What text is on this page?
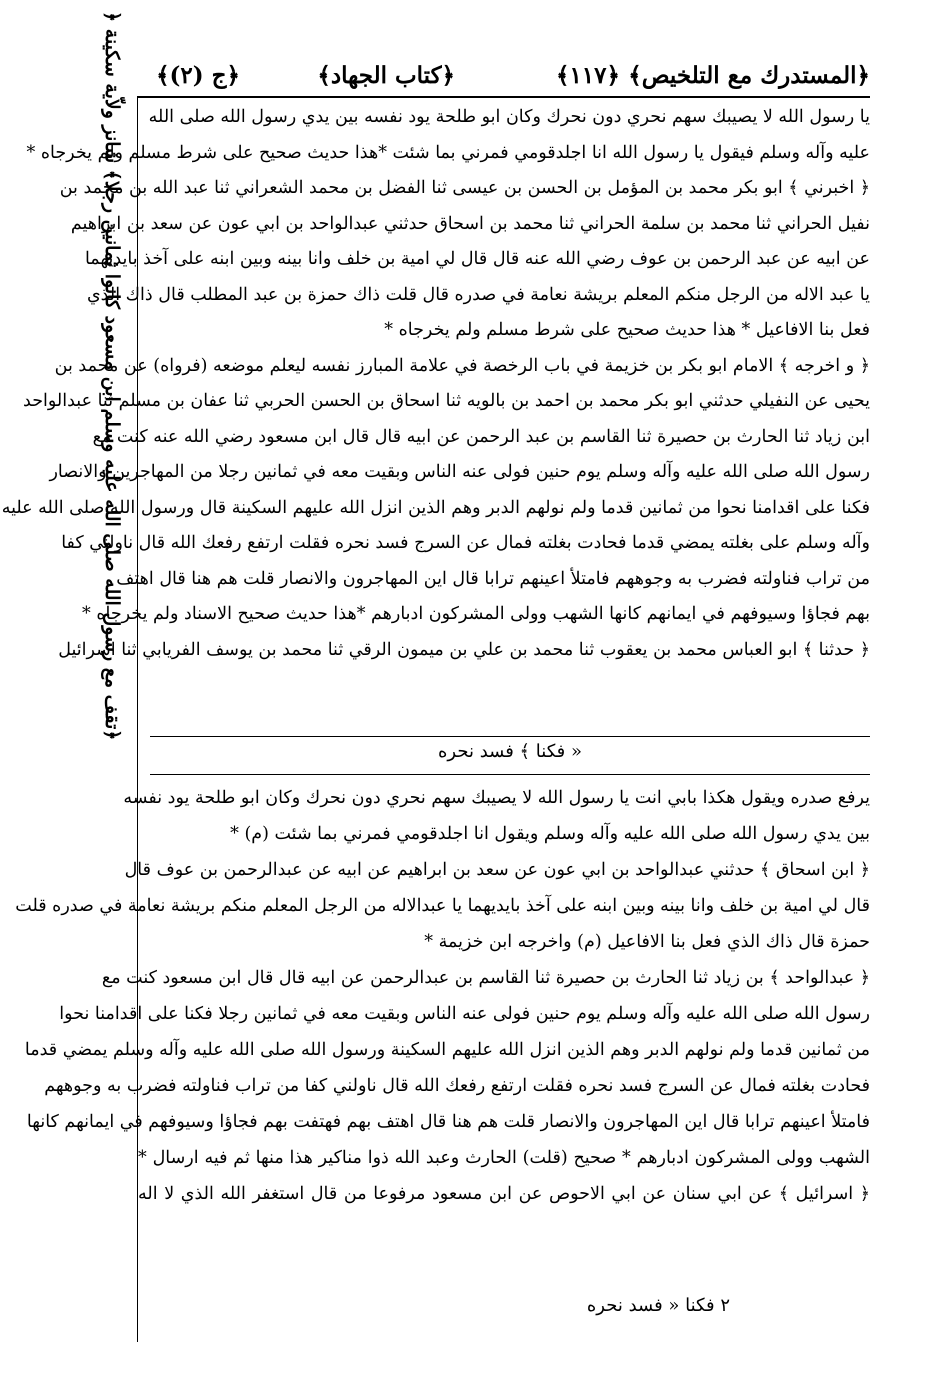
﴿المستدرك مع التلخيص﴾
﴿١١٧﴾
﴿كتاب الجهاد﴾
﴿ج (٢)﴾
﴿تقف مع رسول الله صلى الله عليه وسلم ابن مسعود كانوا ثمانين رجلا﴾ شانز ولاّية سكينة ﴿	يا رسول الله لا يصيبك سهم نحري دون نحرك وكان ابو طلحة يود نفسه بين يدي رسول الله صلى الله
عليه وآله وسلم فيقول يا رسول الله انا اجلدقومي فمرني بما شئت *هذا حديث صحيح على شرط مسلم ولم يخرجاه *
﴿ اخبرني ﴾ ابو بكر محمد بن المؤمل بن الحسن بن عيسى ثنا الفضل بن محمد الشعراني ثنا عبد الله بن محمد بن
نفيل الحراني ثنا محمد بن سلمة الحراني ثنا محمد بن اسحاق حدثني عبدالواحد بن ابي عون عن سعد بن ابراهيم
عن ابيه عن عبد الرحمن بن عوف رضي الله عنه قال قال لي امية بن خلف وانا بينه وبين ابنه على آخذ بايديهما
يا عبد الاله من الرجل منكم المعلم بريشة نعامة في صدره قال قلت ذاك حمزة بن عبد المطلب قال ذاك الذي
فعل بنا الافاعيل * هذا حديث صحيح على شرط مسلم ولم يخرجاه *
﴿ و اخرجه ﴾ الامام ابو بكر بن خزيمة في باب الرخصة في علامة المبارز نفسه ليعلم موضعه (فرواه) عن محمد بن
يحيى عن النفيلي حدثني ابو بكر محمد بن احمد بن بالويه ثنا اسحاق بن الحسن الحربي ثنا عفان بن مسلم ثنا عبدالواحد
ابن زياد ثنا الحارث بن حصيرة ثنا القاسم بن عبد الرحمن عن ابيه قال قال ابن مسعود رضي الله عنه كنت مع
رسول الله صلى الله عليه وآله وسلم يوم حنين فولى عنه الناس وبقيت معه في ثمانين رجلا من المهاجرين والانصار
فكنا على اقدامنا نحوا من ثمانين قدما ولم نولهم الدبر وهم الذين انزل الله عليهم السكينة قال ورسول الله صلى الله عليه
وآله وسلم على بغلته يمضي قدما فحادت بغلته فمال عن السرج فسد نحره فقلت ارتفع رفعك الله قال ناولني كفا
من تراب فناولته فضرب به وجوههم فامتلأ اعينهم ترابا قال اين المهاجرون والانصار قلت هم هنا قال اهتف
بهم فجاؤا وسيوفهم في ايمانهم كانها الشهب وولى المشركون ادبارهم *هذا حديث صحيح الاسناد ولم يخرجاه *
﴿ حدثنا ﴾ ابو العباس محمد بن يعقوب ثنا محمد بن علي بن ميمون الرقي ثنا محمد بن يوسف الفريابي ثنا اسرائيل
« فكنا ﴾ فسد نحره
يرفع صدره ويقول هكذا بابي انت يا رسول الله لا يصيبك سهم نحري دون نحرك وكان ابو طلحة يود نفسه
بين يدي رسول الله صلى الله عليه وآله وسلم ويقول انا اجلدقومي فمرني بما شئت (م) *
﴿ ابن اسحاق ﴾ حدثني عبدالواحد بن ابي عون عن سعد بن ابراهيم عن ابيه عن عبدالرحمن بن عوف قال
قال لي امية بن خلف وانا بينه وبين ابنه على آخذ بايديهما يا عبدالاله من الرجل المعلم منكم بريشة نعامة في صدره قلت
حمزة قال ذاك الذي فعل بنا الافاعيل (م) واخرجه ابن خزيمة *
﴿ عبدالواحد ﴾ بن زياد ثنا الحارث بن حصيرة ثنا القاسم بن عبدالرحمن عن ابيه قال قال ابن مسعود كنت مع
رسول الله صلى الله عليه وآله وسلم يوم حنين فولى عنه الناس وبقيت معه في ثمانين رجلا فكنا على اقدامنا نحوا
من ثمانين قدما ولم نولهم الدبر وهم الذين انزل الله عليهم السكينة ورسول الله صلى الله عليه وآله وسلم يمضي قدما
فحادت بغلته فمال عن السرج فسد نحره فقلت ارتفع رفعك الله قال ناولني كفا من تراب فناولته فضرب به وجوههم
فامتلأ اعينهم ترابا قال اين المهاجرون والانصار قلت هم هنا قال اهتف بهم فهتفت بهم فجاؤا وسيوفهم في ايمانهم كانها
الشهب وولى المشركون ادبارهم * صحيح (قلت) الحارث وعبد الله ذوا مناكير هذا منها ثم فيه ارسال *
﴿ اسرائيل ﴾ عن ابي سنان عن ابي الاحوص عن ابن مسعود مرفوعا من قال استغفر الله الذي لا اله
٢ فكنا « فسد نحره
